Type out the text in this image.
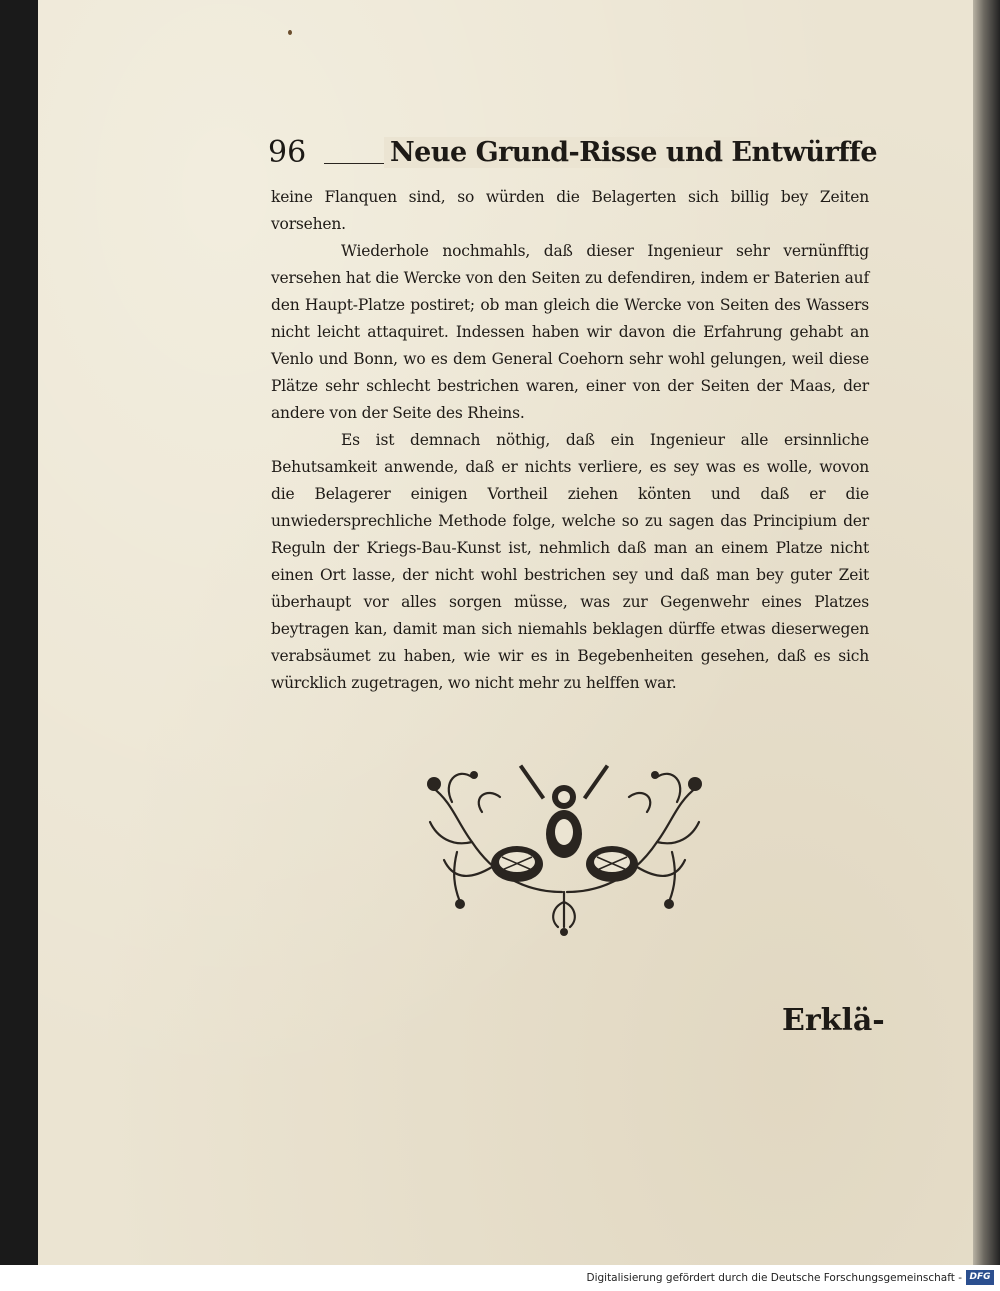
96	Neue Grund-Risse und Entwürffe

keine Flanquen sind, so würden die Belagerten sich billig bey Zeiten vorsehen.

Wiederhole nochmahls, daß dieser Ingenieur sehr vernünfftig versehen hat die Wercke von den Seiten zu defendiren, indem er Baterien auf den Haupt-Platze postiret; ob man gleich die Wercke von Seiten des Wassers nicht leicht attaquiret. Indessen haben wir davon die Erfahrung gehabt an Venlo und Bonn, wo es dem General Coehorn sehr wohl gelungen, weil diese Plätze sehr schlecht bestrichen waren, einer von der Seiten der Maas, der andere von der Seite des Rheins.

Es ist demnach nöthig, daß ein Ingenieur alle ersinnliche Behutsamkeit anwende, daß er nichts verliere, es sey was es wolle, wovon die Belagerer einigen Vortheil ziehen könten und daß er die unwiedersprechliche Methode folge, welche so zu sagen das Principium der Reguln der Kriegs-Bau-Kunst ist, nehmlich daß man an einem Platze nicht einen Ort lasse, der nicht wohl bestrichen sey und daß man bey guter Zeit überhaupt vor alles sorgen müsse, was zur Gegenwehr eines Platzes beytragen kan, damit man sich niemahls beklagen dürffe etwas dieserwegen verabsäumet zu haben, wie wir es in Begebenheiten gesehen, daß es sich würcklich zugetragen, wo nicht mehr zu helffen war.

Erklä-
Digitalisierung gefördert durch die Deutsche Forschungsgemeinschaft - DFG
